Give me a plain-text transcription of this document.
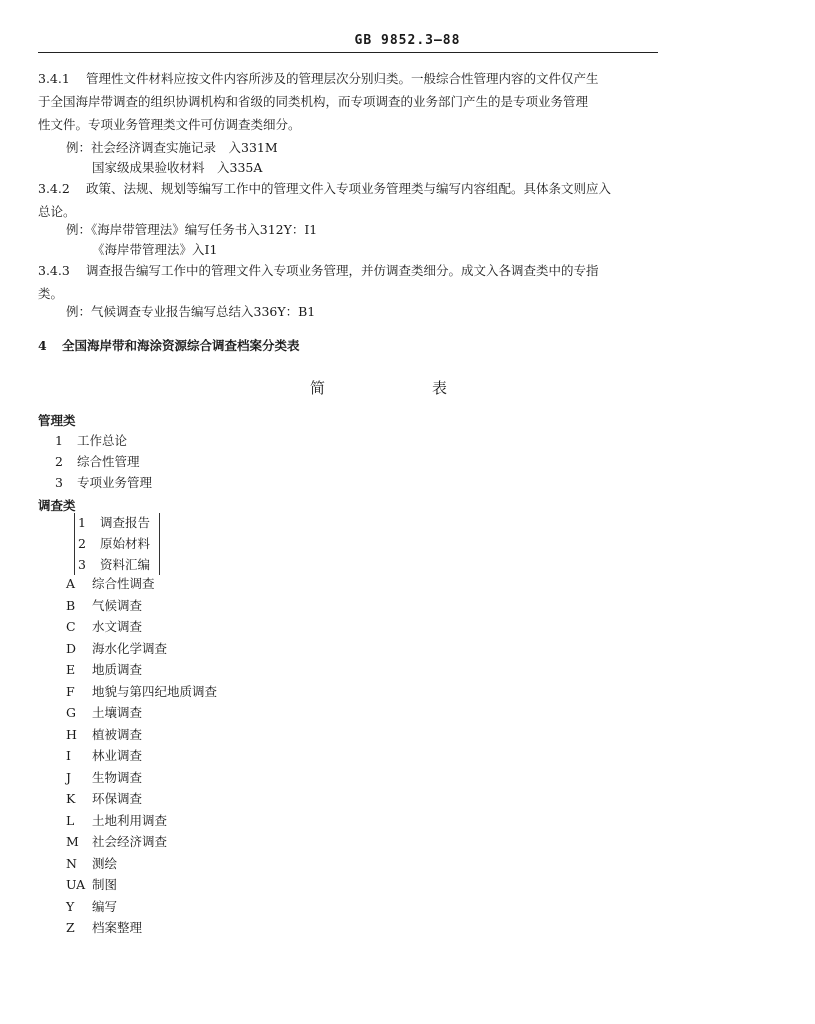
GB 9852.3—88
3.4.1 管理性文件材料应按文件内容所涉及的管理层次分别归类。一般综合性管理内容的文件仅产生
于全国海岸带调查的组织协调机构和省级的同类机构，而专项调查的业务部门产生的是专项业务管理
性文件。专项业务管理类文件可仿调查类细分。
例：社会经济调查实施记录　入331M
国家级成果验收材料　入335A
3.4.2 政策、法规、规划等编写工作中的管理文件入专项业务管理类与编写内容组配。具体条文则应入
总论。
例：《海岸带管理法》编写任务书入312Y：I1
《海岸带管理法》入I1
3.4.3 调查报告编写工作中的管理文件入专项业务管理，并仿调查类细分。成文入各调查类中的专指
类。
例：气候调查专业报告编写总结入336Y：B1
4 全国海岸带和海涂资源综合调查档案分类表
简　表
管理类
1 工作总论
2 综合性管理
3 专项业务管理
调查类
1 调查报告
2 原始材料
3 资料汇编
A 综合性调查
B 气候调查
C 水文调查
D 海水化学调查
E 地质调查
F 地貌与第四纪地质调查
G 土壤调查
H 植被调查
I 林业调查
J 生物调查
K 环保调查
L 土地利用调查
M 社会经济调查
N 测绘
UA 制图
Y 编写
Z 档案整理
